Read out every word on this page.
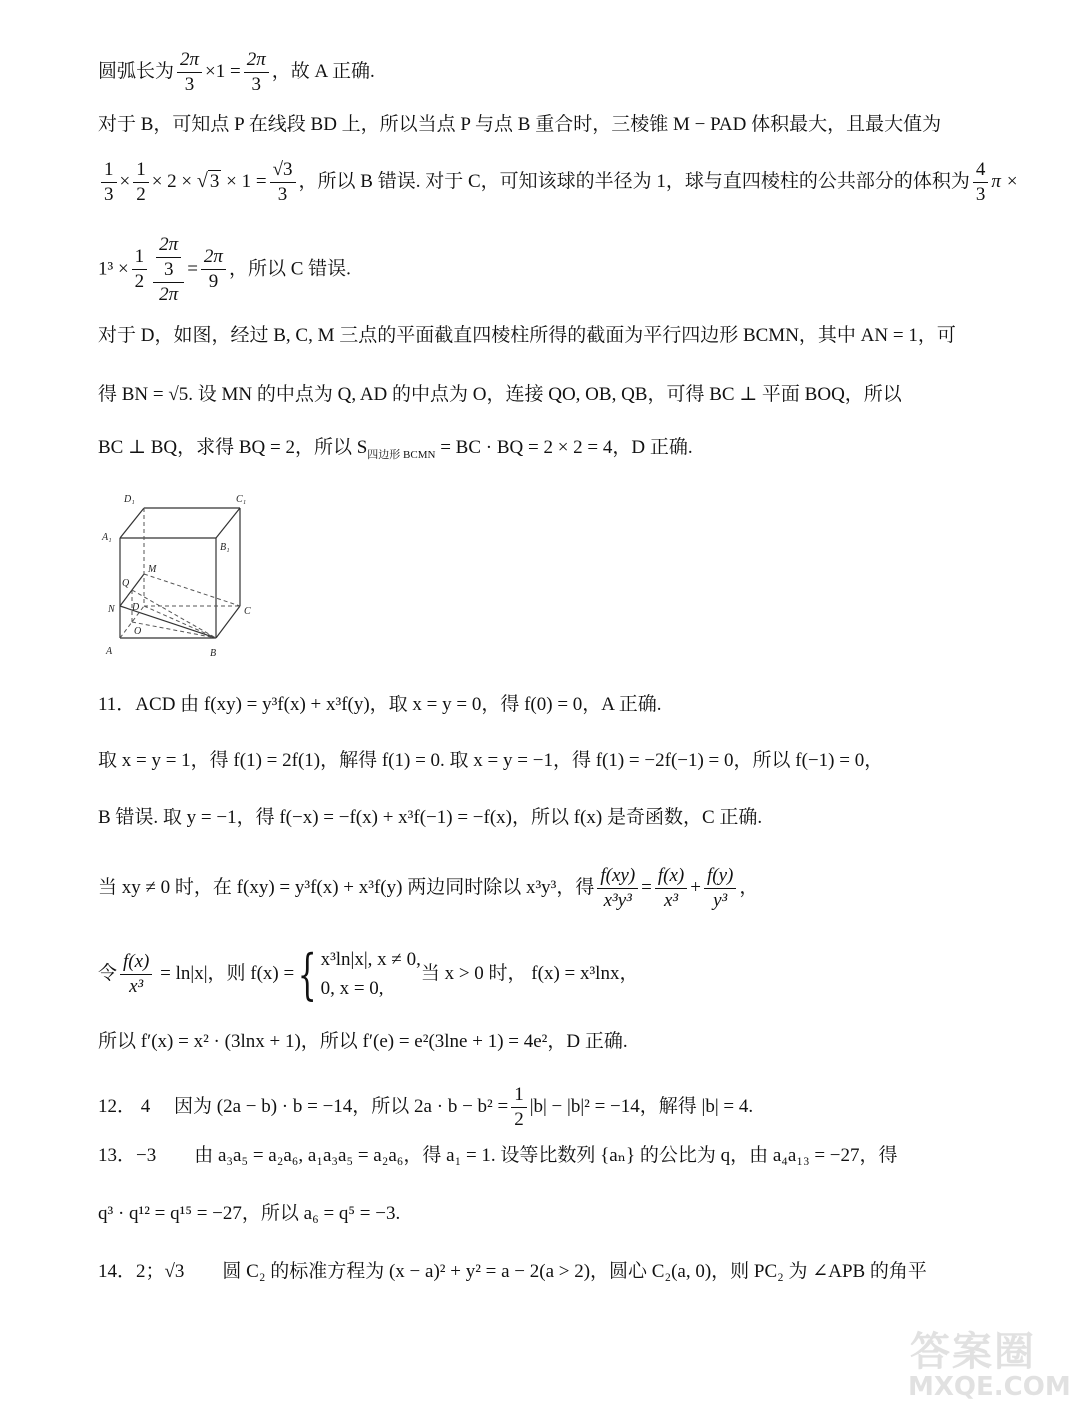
圆弧长为 $\frac{2\pi}{3} \times 1 = \frac{2\pi}{3}$ ，故 A 正确.
对于 B，可知点 P 在线段 BD 上，所以当点 P 与点 B 重合时，三棱锥 M − PAD 体积最大，且最大值为
$\frac{1}{3} \times \frac{1}{2} \times 2$ × √ $3 \times 1 = \frac{√3}{3}$ ，所以 B 错误. 对于 C，可知该球的半径为 1，球与直四棱柱的公共部分的体积为 $\frac{4}{3}$ π ×
$1^3 \times \frac{1}{2} \frac{\frac{2\pi}{3}}{2\pi} = \frac{2\pi}{9}$ ，所以 C 错误.
对于 D，如图，经过 B, C, M 三点的平面截直四棱柱所得的截面为平行四边形 BCMN，其中 AN = 1，可
得 BN = √5. 设 MN 的中点为 Q, AD 的中点为 O，连接 QO, OB, QB，可得 BC ⊥ 平面 BOQ，所以
BC ⊥ BQ，求得 BQ = 2，所以 $S_{四边形 BCMN}$ = BC · BQ = 2 × 2 = 4，D 正确.
D₁	C₁
A₁
B₁
M
Q
N D	C
O
A	B
11．ACD 由 f(xy) = y³f(x) + x³f(y)，取 x = y = 0，得 f(0) = 0，A 正确.
取 x = y = 1，得 f(1) = 2f(1)，解得 f(1) = 0. 取 x = y = −1，得 f(1) = −2f(−1) = 0，所以 f(−1) = 0，
B 错误. 取 y = −1，得 f(−x) = −f(x) + x³f(−1) = −f(x)，所以 f(x) 是奇函数，C 正确.
当 xy ≠ 0 时，在 f(xy) = y³f(x) + x³f(y) 两边同时除以 x³y³，得 $\frac{f(xy)}{\text{x³y³}} = \frac{f(x)}{\text{x³}} + \frac{f(y)}{\text{y³}}$ ，
令 $\frac{f(x)}{\text{x³}} = \ln|x|$，则 f(x) = { x³ln|x|, x ≠ 0,
0, x = 0,
当 x > 0 时， f(x) = x³lnx，
所以 f′(x) = x² · (3lnx + 1)，所以 f′(e) = e²(3lne + 1) = 4e²，D 正确.
12． 4　 因为 (2a − b) · b = −14，所以 $2a \cdot b - b^2 = \frac{1}{2} |b| - |b|^2 = -14$，解得 |b| = 4.
13．−3　　由 a₃a₅ = a₂a₆, a₁a₃a₅ = a₂a₆，得 a₁ = 1. 设等比数列 {aₙ} 的公比为 q，由 a₄a₁₃ = −27，得
q³ · q¹² = q¹⁵ = −27，所以 a₆ = q⁵ = −3.
14．2；√3　　圆 C₂ 的标准方程为 (x − a)² + y² = a − 2(a > 2)，圆心 C₂(a, 0)，则 PC₂ 为 ∠APB 的角平
答案圈
MXQE.COM
